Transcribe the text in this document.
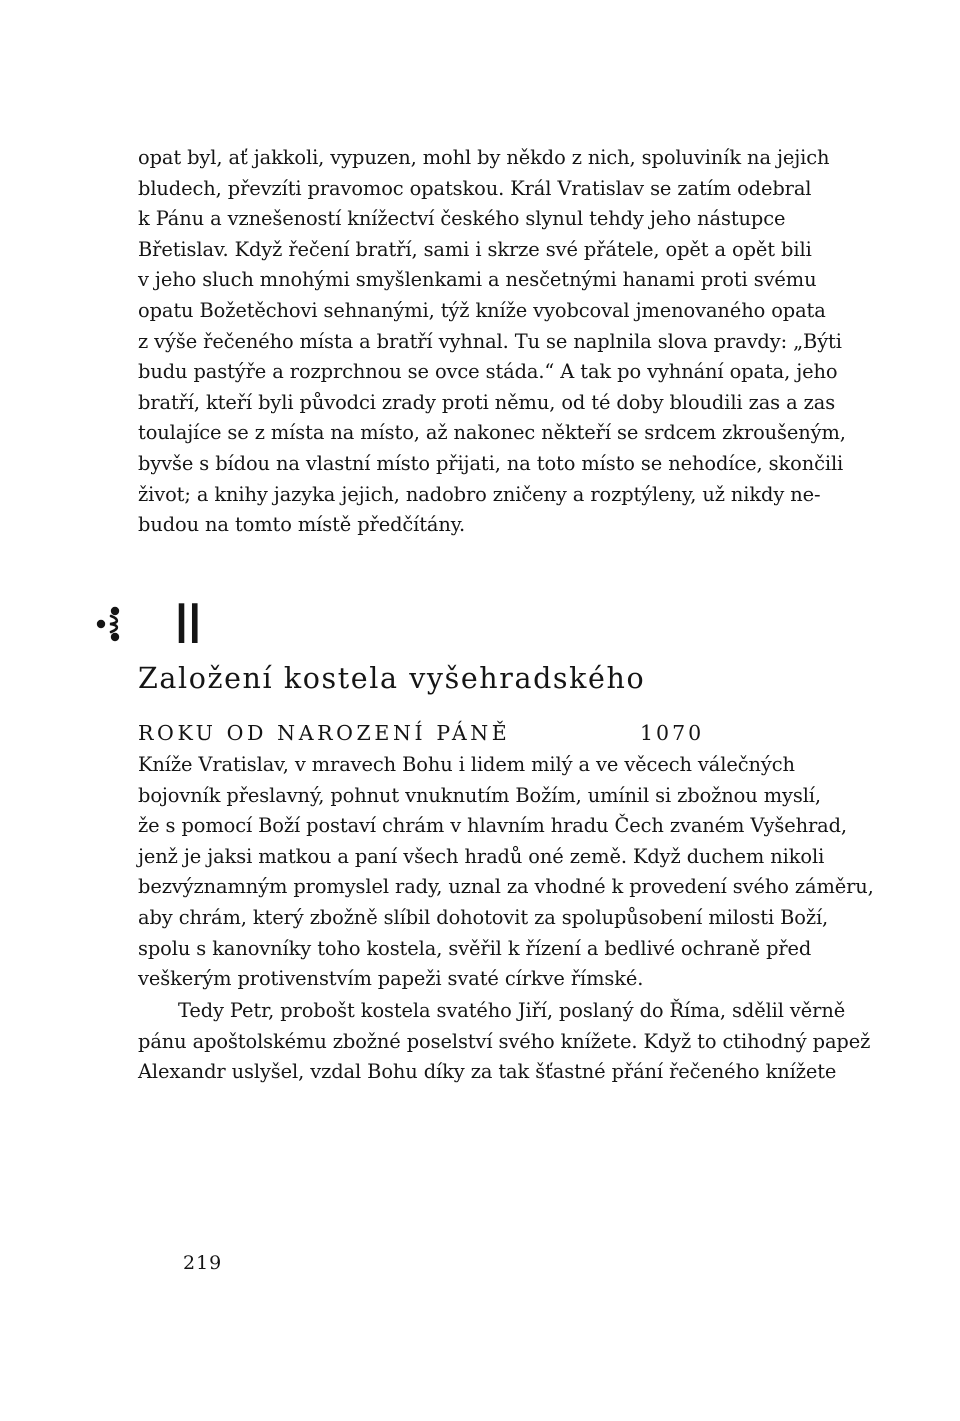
opat byl, ať jakkoli, vypuzen, mohl by někdo z nich, spoluviník na jejich
bludech, převzíti pravomoc opatskou. Král Vratislav se zatím odebral
k Pánu a vznešeností knížectví českého slynul tehdy jeho nástupce
Břetislav. Když řečení bratří, sami i skrze své přátele, opět a opět bili
v jeho sluch mnohými smyšlenkami a nesčetnými hanami proti svému
opatu Božetěchovi sehnanými, týž kníže vyobcoval jmenovaného opata
z výše řečeného místa a bratří vyhnal. Tu se naplnila slova pravdy: „Býti
budu pastýře a rozprchnou se ovce stáda.“ A tak po vyhnání opata, jeho
bratří, kteří byli původci zrady proti němu, od té doby bloudili zas a zas
toulajíce se z místa na místo, až nakonec někteří se srdcem zkroušeným,
byvše s bídou na vlastní místo přijati, na toto místo se nehodíce, skončili
život; a knihy jazyka jejich, nadobro zničeny a rozptýleny, už nikdy ne-
budou na tomto místě předčítány.
II
Založení kostela vyšehradského
ROKU OD NAROZENÍ PÁNĚ	1070
Kníže Vratislav, v mravech Bohu i lidem milý a ve věcech válečných
bojovník přeslavný, pohnut vnuknutím Božím, umínil si zbožnou myslí,
že s pomocí Boží postaví chrám v hlavním hradu Čech zvaném Vyšehrad,
jenž je jaksi matkou a paní všech hradů oné země. Když duchem nikoli
bezvýznamným promyslel rady, uznal za vhodné k provedení svého záměru,
aby chrám, který zbožně slíbil dohotovit za spolupůsobení milosti Boží,
spolu s kanovníky toho kostela, svěřil k řízení a bedlivé ochraně před
veškerým protivenstvím papeži svaté církve římské.
Tedy Petr, probošt kostela svatého Jiří, poslaný do Říma, sdělil věrně
pánu apoštolskému zbožné poselství svého knížete. Když to ctihodný papež
Alexandr uslyšel, vzdal Bohu díky za tak šťastné přání řečeného knížete
219
